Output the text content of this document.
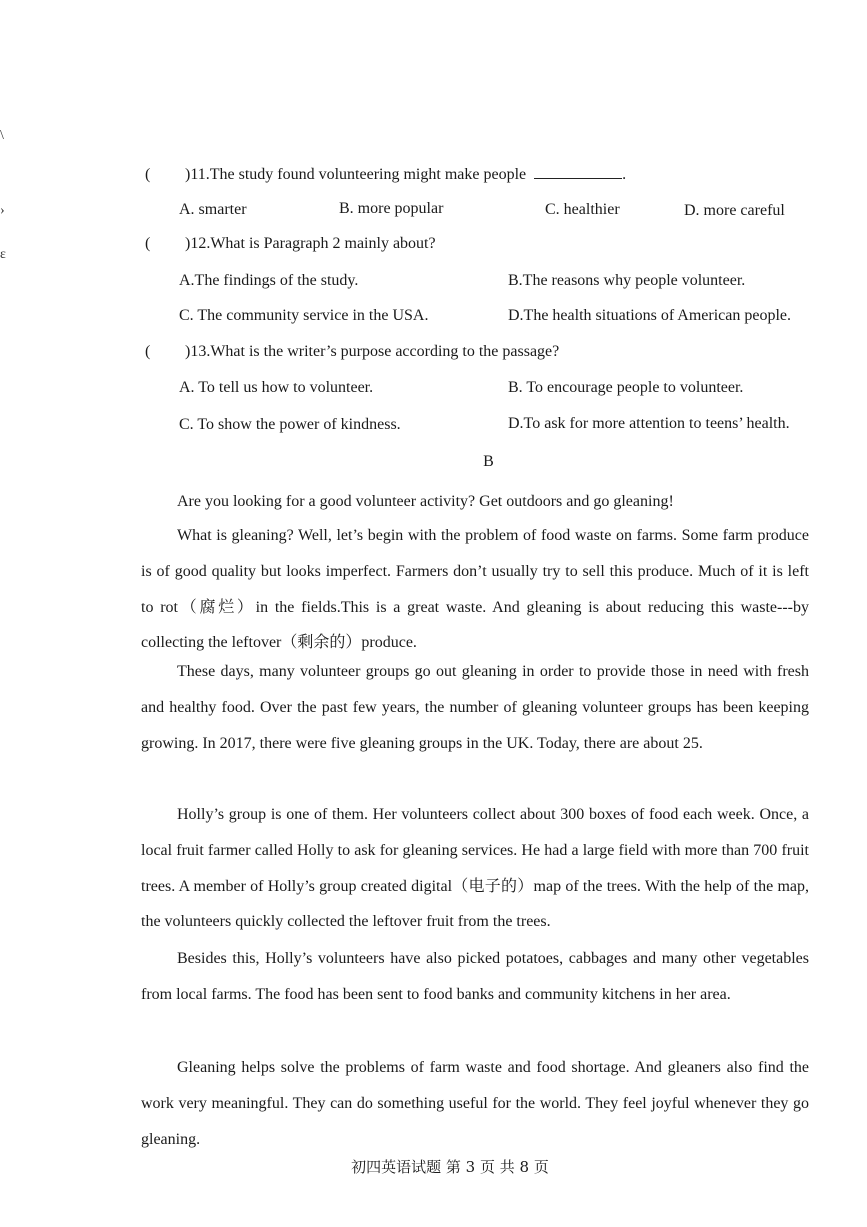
\
›
ε
( )11.The study found volunteering might make people	.
A. smarter	B. more popular	C. healthier	D. more careful
( )12.What is Paragraph 2 mainly about?
A.The findings of the study.	B.The reasons why people volunteer.
C. The community service in the USA.	D.The health situations of American people.
( )13.What is the writer’s purpose according to the passage?
A. To tell us how to volunteer.	B. To encourage people to volunteer.
C. To show the power of kindness.	D.To ask for more attention to teens’ health.
B
Are you looking for a good volunteer activity? Get outdoors and go gleaning!
What is gleaning? Well, let’s begin with the problem of food waste on farms. Some farm produce is of good quality but looks imperfect. Farmers don’t usually try to sell this produce. Much of it is left to rot（腐烂）in the fields.This is a great waste. And gleaning is about reducing this waste---by collecting the leftover（剩余的）produce.
These days, many volunteer groups go out gleaning in order to provide those in need with fresh and healthy food. Over the past few years, the number of gleaning volunteer groups has been keeping growing. In 2017, there were five gleaning groups in the UK. Today, there are about 25.
Holly’s group is one of them. Her volunteers collect about 300 boxes of food each week. Once, a local fruit farmer called Holly to ask for gleaning services. He had a large field with more than 700 fruit trees. A member of Holly’s group created digital（电子的）map of the trees. With the help of the map, the volunteers quickly collected the leftover fruit from the trees.
Besides this, Holly’s volunteers have also picked potatoes, cabbages and many other vegetables from local farms. The food has been sent to food banks and community kitchens in her area.
Gleaning helps solve the problems of farm waste and food shortage. And gleaners also find the work very meaningful. They can do something useful for the world. They feel joyful whenever they go gleaning.
初四英语试题 第 3 页 共 8 页
